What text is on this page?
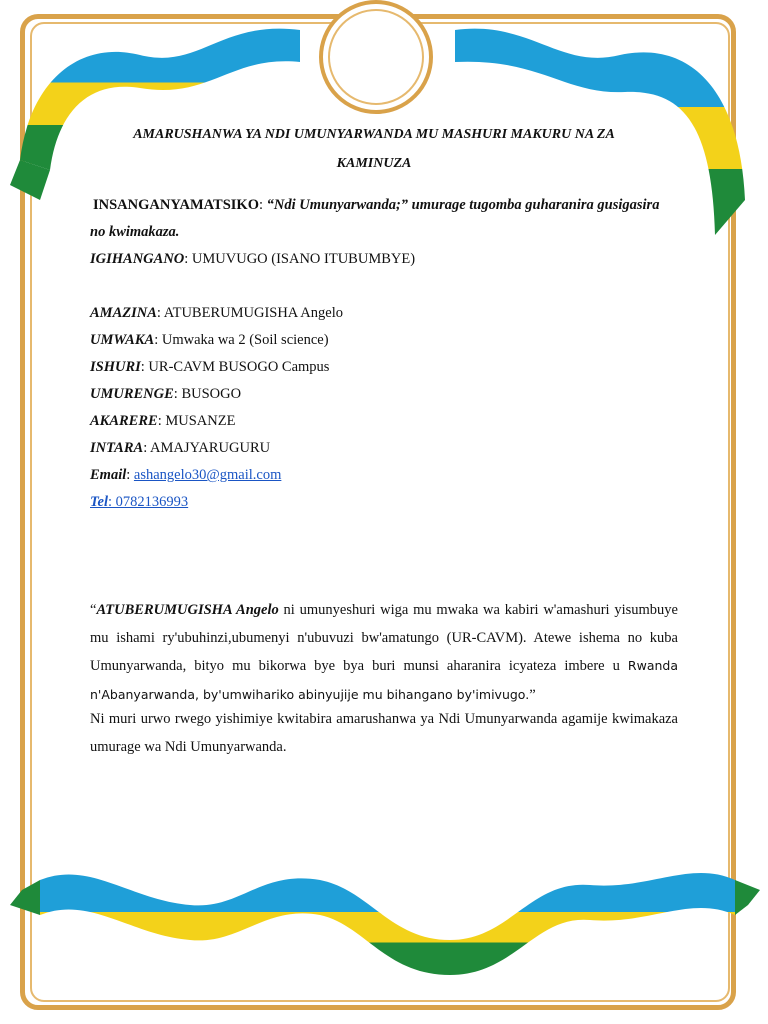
AMARUSHANWA YA NDI UMUNYARWANDA MU MASHURI MAKURU NA ZA
KAMINUZA
INSANGANYAMATSIKO: “Ndi Umunyarwanda;” umurage tugomba guharanira gusigasira
no kwimakaza.
IGIHANGANO: UMUVUGO (ISANO ITUBUMBYE)
AMAZINA: ATUBERUMUGISHA Angelo
UMWAKA: Umwaka wa 2 (Soil science)
ISHURI: UR-CAVM BUSOGO Campus
UMURENGE: BUSOGO
AKARERE: MUSANZE
INTARA: AMAJYARUGURU
Email: ashangelo30@gmail.com
Tel: 0782136993
“ATUBERUMUGISHA Angelo ni umunyeshuri wiga mu mwaka wa kabiri w'amashuri yisumbuye mu ishami ry'ubuhinzi,ubumenyi n'ubuvuzi bw'amatungo (UR-CAVM). Atewe ishema no kuba Umunyarwanda, bityo mu bikorwa bye bya buri munsi aharanira icyateza imbere u Rwanda n'Abanyarwanda, by'umwihariko abinyujije mu bihangano by'imivugo.”
Ni muri urwo rwego yishimiye kwitabira amarushanwa ya Ndi Umunyarwanda agamije kwimakaza umurage wa Ndi Umunyarwanda.
